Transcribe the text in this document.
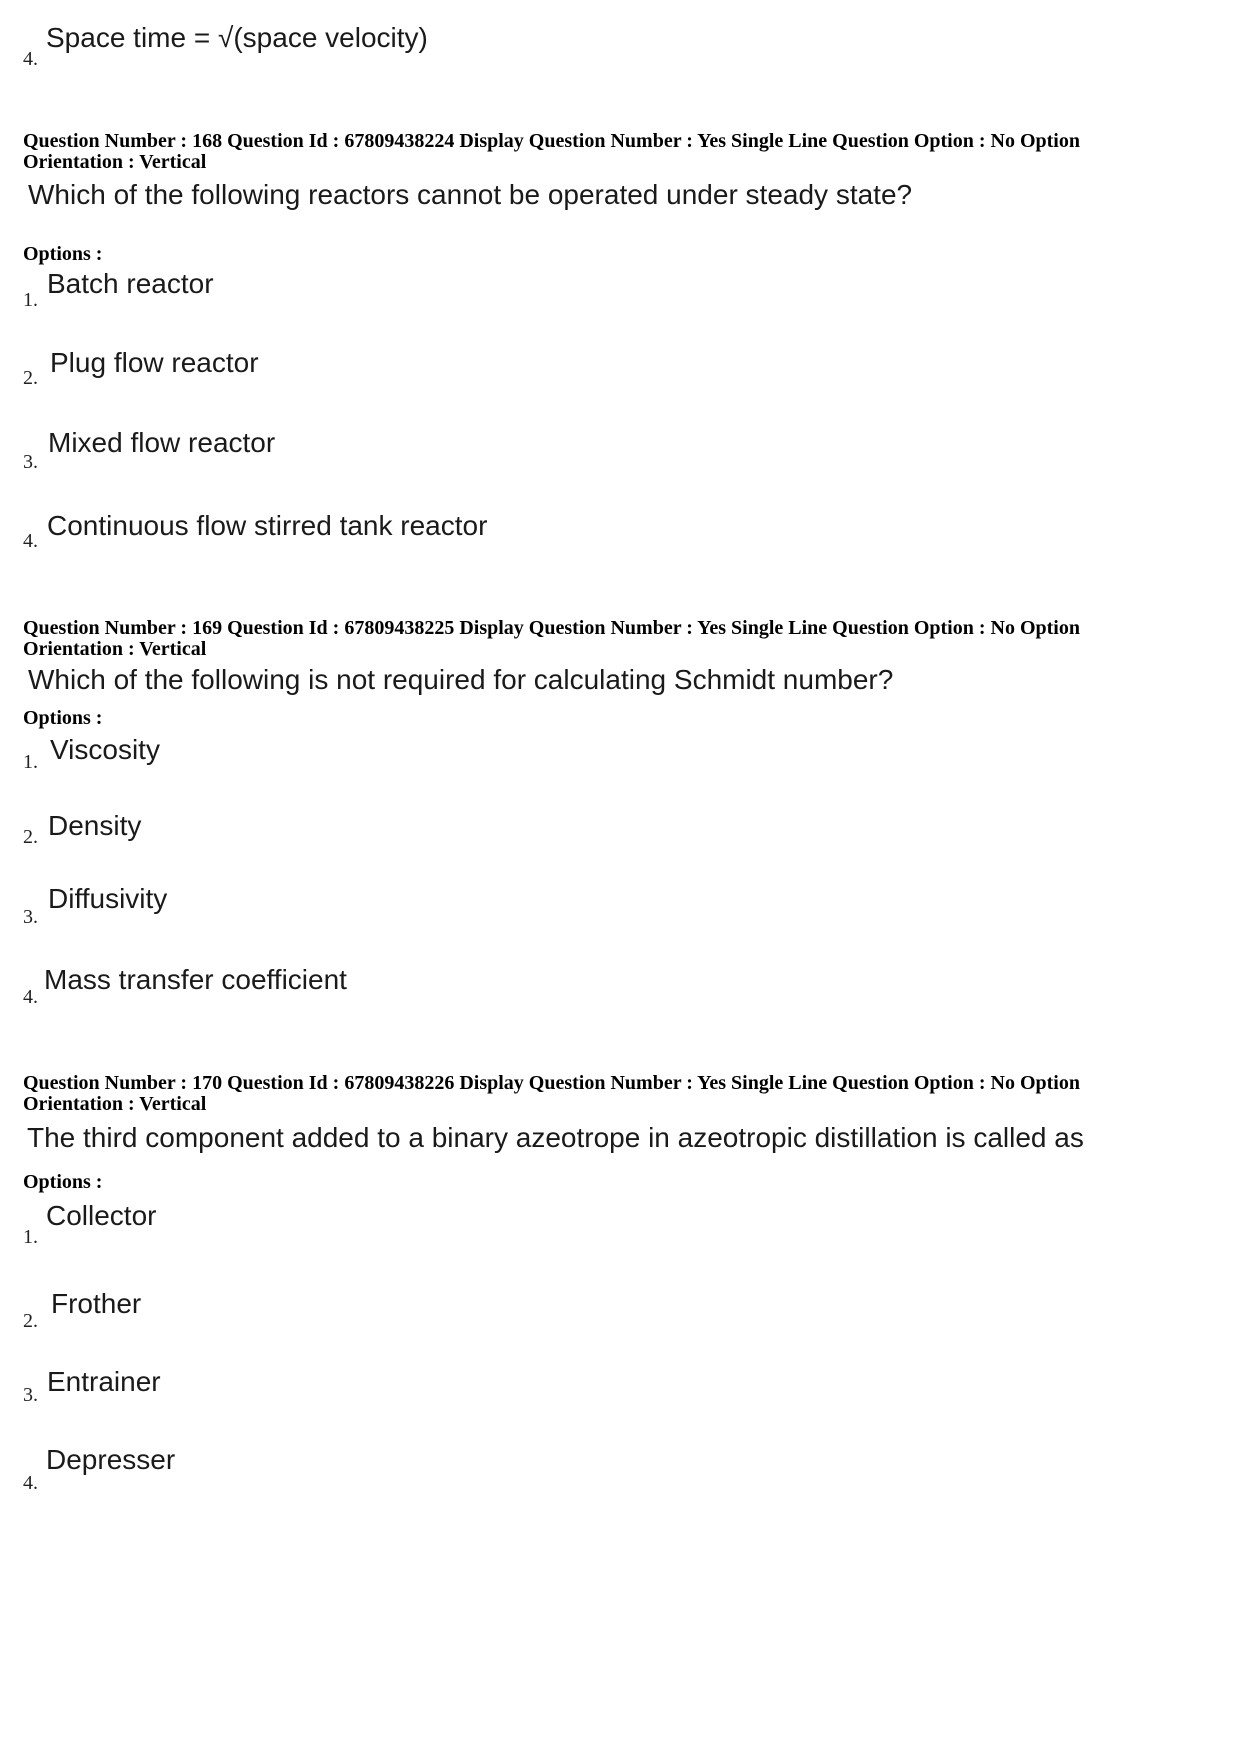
4.
Space time = √(space velocity)
Question Number : 168 Question Id : 67809438224 Display Question Number : Yes Single Line Question Option : No Option
Orientation : Vertical
Which of the following reactors cannot be operated under steady state?
Options :
1.
Batch reactor
2. Plug flow reactor
3.
Mixed flow reactor
4. Continuous flow stirred tank reactor
Question Number : 169 Question Id : 67809438225 Display Question Number : Yes Single Line Question Option : No Option
Orientation : Vertical
Which of the following is not required for calculating Schmidt number?
Options :
1. Viscosity
2. Density
3.
Diffusivity
4.
Mass transfer coefficient
Question Number : 170 Question Id : 67809438226 Display Question Number : Yes Single Line Question Option : No Option
Orientation : Vertical
The third component added to a binary azeotrope in azeotropic distillation is called as
Options :
1.
Collector
2.
Frother
3. Entrainer
4.
Depresser
